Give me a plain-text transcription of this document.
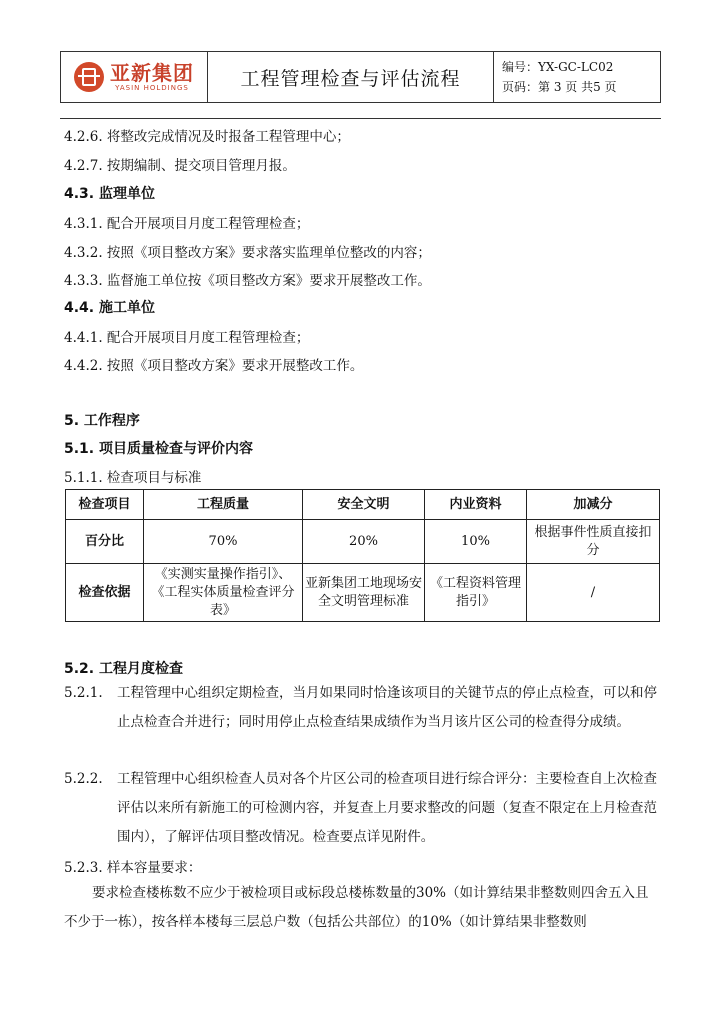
亚新集团
YASIN HOLDINGS	工程管理检查与评估流程
编号：YX-GC-LC02
页码：第 3 页 共5 页
4.2.6. 将整改完成情况及时报备工程管理中心；
4.2.7. 按期编制、提交项目管理月报。
4.3. 监理单位
4.3.1. 配合开展项目月度工程管理检查；
4.3.2. 按照《项目整改方案》要求落实监理单位整改的内容；
4.3.3. 监督施工单位按《项目整改方案》要求开展整改工作。
4.4. 施工单位
4.4.1. 配合开展项目月度工程管理检查；
4.4.2. 按照《项目整改方案》要求开展整改工作。
5. 工作程序
5.1. 项目质量检查与评价内容
5.1.1. 检查项目与标准
检查项目	工程质量	安全文明	内业资料	加减分
百分比	70%	20%	10%	根据事件性质直接扣分
检查依据	《实测实量操作指引》、《工程实体质量检查评分表》	亚新集团工地现场安全文明管理标准	《工程资料管理指引》	/
5.2. 工程月度检查
5.2.1.	工程管理中心组织定期检查，当月如果同时恰逢该项目的关键节点的停止点检查，可以和停止点检查合并进行；同时用停止点检查结果成绩作为当月该片区公司的检查得分成绩。
5.2.2.	工程管理中心组织检查人员对各个片区公司的检查项目进行综合评分：主要检查自上次检查评估以来所有新施工的可检测内容，并复查上月要求整改的问题（复查不限定在上月检查范围内），了解评估项目整改情况。检查要点详见附件。
5.2.3. 样本容量要求：
要求检查楼栋数不应少于被检项目或标段总楼栋数量的30%（如计算结果非整数则四舍五入且不少于一栋），按各样本楼每三层总户数（包括公共部位）的10%（如计算结果非整数则
